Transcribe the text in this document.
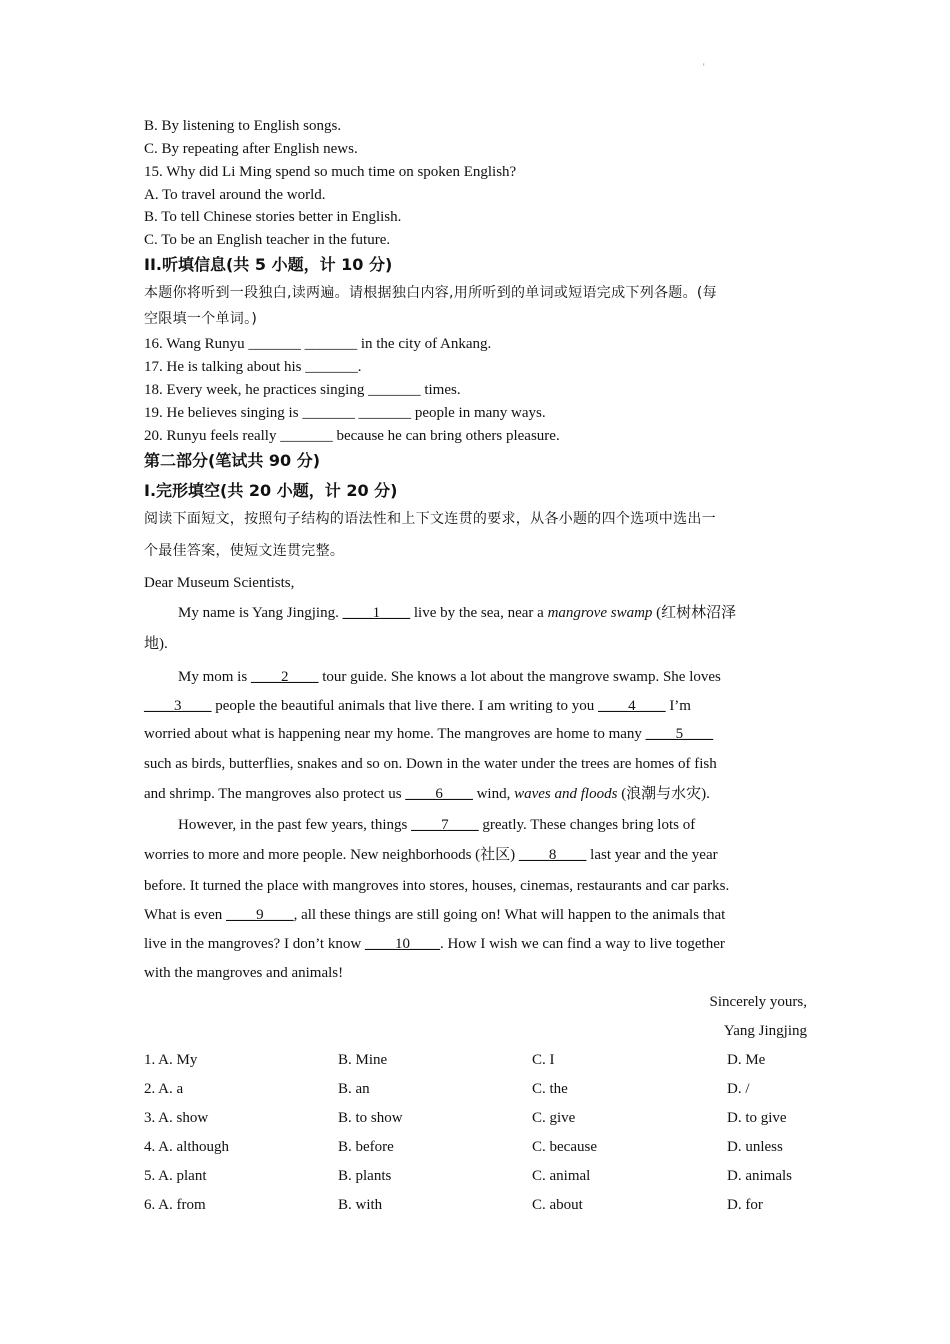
'
B. By listening to English songs.
C. By repeating after English news.
15. Why did Li Ming spend so much time on spoken English?
A. To travel around the world.
B. To tell Chinese stories better in English.
C. To be an English teacher in the future.
II.听填信息(共 5 小题，计 10 分)
本题你将听到一段独白,读两遍。请根据独白内容,用所听到的单词或短语完成下列各题。(每
空限填一个单词。)
16. Wang Runyu _______ _______ in the city of Ankang.
17. He is talking about his _______.
18. Every week, he practices singing _______ times.
19. He believes singing is _______ _______ people in many ways.
20. Runyu feels really _______ because he can bring others pleasure.
第二部分(笔试共 90 分)
I.完形填空(共 20 小题，计 20 分)
阅读下面短文，按照句子结构的语法性和上下文连贯的要求，从各小题的四个选项中选出一
个最佳答案，使短文连贯完整。
Dear Museum Scientists,
My name is Yang Jingjing. ____1____ live by the sea, near a mangrove swamp (红树林沼泽
地).
My mom is ____2____ tour guide. She knows a lot about the mangrove swamp. She loves
____3____ people the beautiful animals that live there. I am writing to you ____4____ I’m
worried about what is happening near my home. The mangroves are home to many ____5____
such as birds, butterflies, snakes and so on. Down in the water under the trees are homes of fish
and shrimp. The mangroves also protect us ____6____ wind, waves and floods (浪潮与水灾).
However, in the past few years, things ____7____ greatly. These changes bring lots of
worries to more and more people. New neighborhoods (社区) ____8____ last year and the year
before. It turned the place with mangroves into stores, houses, cinemas, restaurants and car parks.
What is even ____9____, all these things are still going on! What will happen to the animals that
live in the mangroves? I don’t know ____10____. How I wish we can find a way to live together
with the mangroves and animals!
Sincerely yours,
Yang Jingjing
1. A. My	B. Mine	C. I	D. Me
2. A. a	B. an	C. the	D. /
3. A. show	B. to show	C. give	D. to give
4. A. although	B. before	C. because	D. unless
5. A. plant	B. plants	C. animal	D. animals
6. A. from	B. with	C. about	D. for
